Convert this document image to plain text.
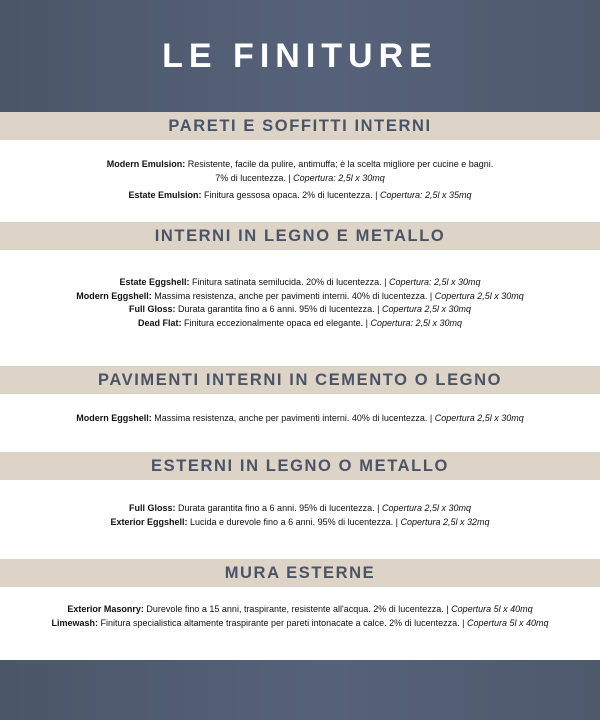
LE FINITURE
PARETI E SOFFITTI INTERNI

Modern Emulsion: Resistente, facile da pulire, antimuffa; è la scelta migliore per cucine e bagni.
7% di lucentezza. | Copertura: 2,5l x 30mq

Estate Emulsion: Finitura gessosa opaca. 2% di lucentezza. | Copertura: 2,5l x 35mq

INTERNI IN LEGNO E METALLO

Estate Eggshell: Finitura satinata semilucida. 20% di lucentezza. | Copertura: 2,5l x 30mq

Modern Eggshell: Massima resistenza, anche per pavimenti interni. 40% di lucentezza. | Copertura 2,5l x 30mq

Full Gloss: Durata garantita fino a 6 anni. 95% di lucentezza. | Copertura 2,5l x 30mq

Dead Flat: Finitura eccezionalmente opaca ed elegante. | Copertura: 2,5l x 30mq

PAVIMENTI INTERNI IN CEMENTO O LEGNO

Modern Eggshell: Massima resistenza, anche per pavimenti interni. 40% di lucentezza. | Copertura 2,5l x 30mq

ESTERNI IN LEGNO O METALLO

Full Gloss: Durata garantita fino a 6 anni. 95% di lucentezza. | Copertura 2,5l x 30mq

Exterior Eggshell: Lucida e durevole fino a 6 anni. 95% di lucentezza. | Copertura 2,5l x 32mq

MURA ESTERNE

Exterior Masonry: Durevole fino a 15 anni, traspirante, resistente all'acqua. 2% di lucentezza. | Copertura 5l x 40mq

Limewash: Finitura specialistica altamente traspirante per pareti intonacate a calce. 2% di lucentezza. | Copertura 5l x 40mq
